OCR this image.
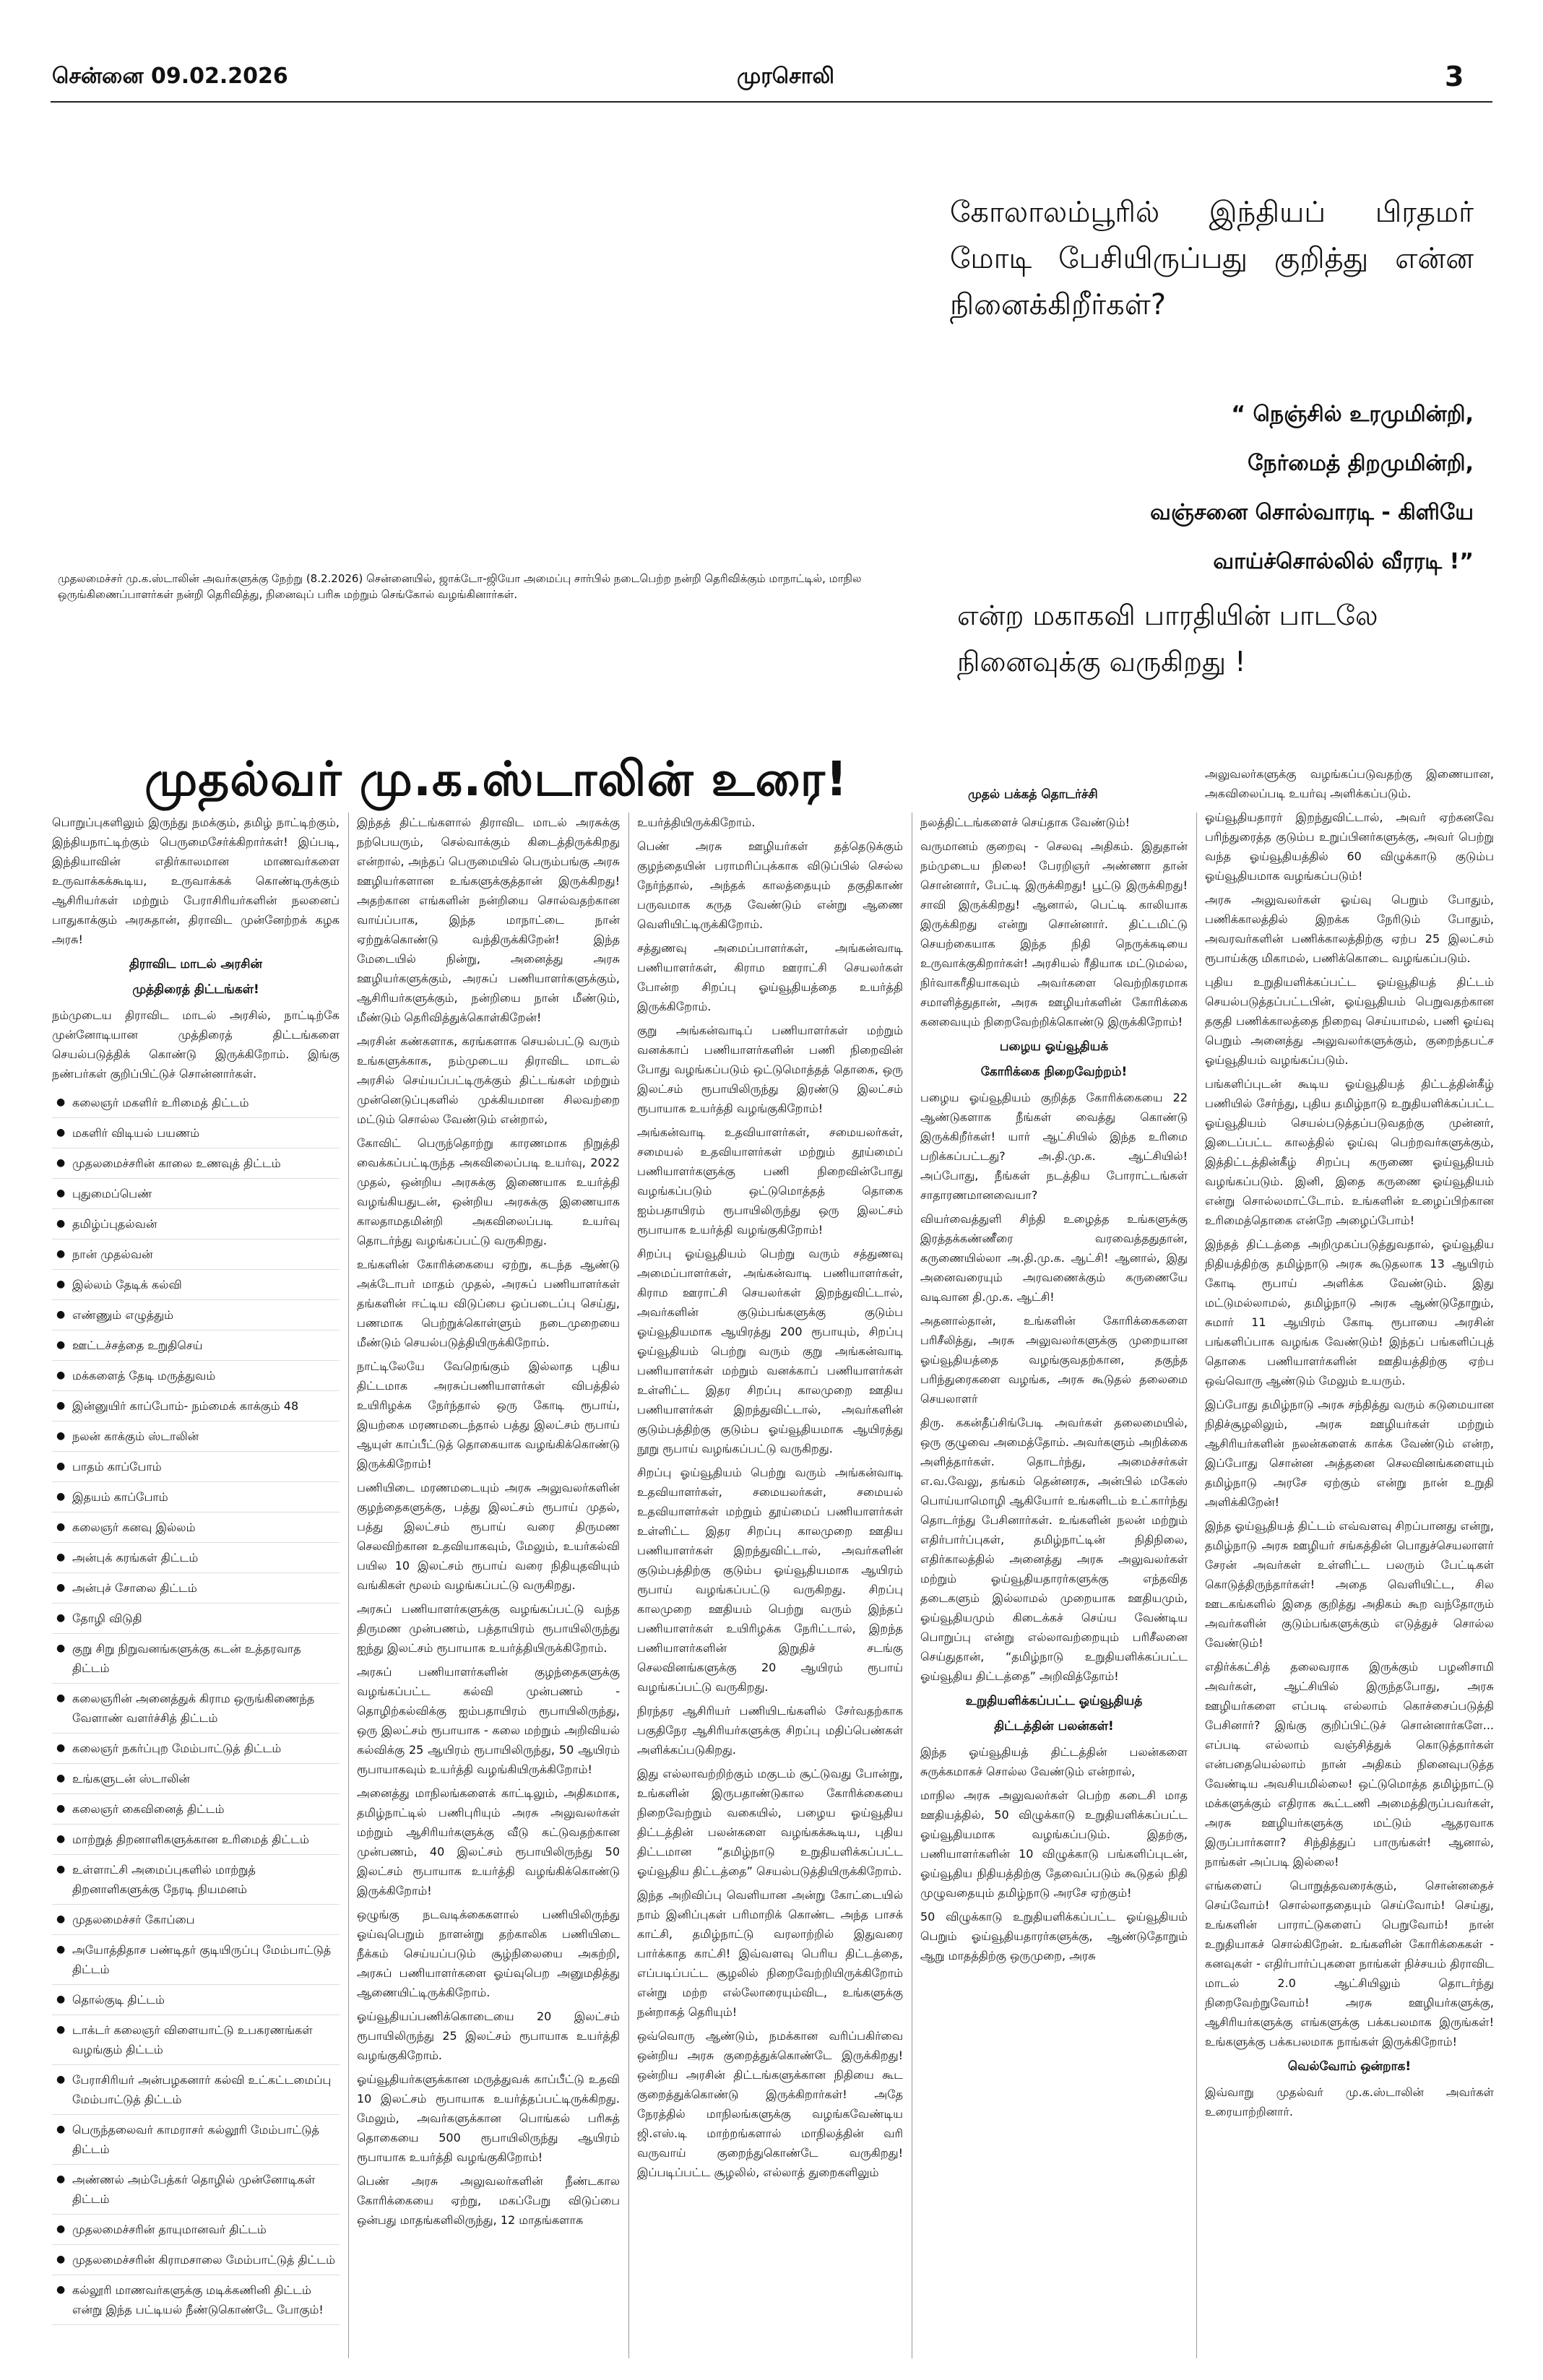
சென்னை 09.02.2026	முரசொலி	3
கோலாலம்பூரில் இந்தியப் பிரதமர் மோடி பேசியிருப்பது குறித்து என்ன நினைக்கிறீர்கள்?
“ நெஞ்சில் உரமுமின்றி,
நேர்மைத் திறமுமின்றி,
வஞ்சனை சொல்வாரடி - கிளியே
வாய்ச்சொல்லில் வீரரடி !”
என்ற மகாகவி பாரதியின் பாடலே நினைவுக்கு வருகிறது !
முதலமைச்சர் மு.க.ஸ்டாலின் அவர்களுக்கு நேற்று (8.2.2026) சென்னையில், ஜாக்டோ-ஜியோ அமைப்பு சார்பில் நடைபெற்ற நன்றி தெரிவிக்கும் மாநாட்டில், மாநில ஒருங்கிணைப்பாளர்கள் நன்றி தெரிவித்து, நினைவுப் பரிசு மற்றும் செங்கோல் வழங்கினார்கள்.
முதல்வர் மு.க.ஸ்டாலின் உரை!	முதல் பக்கத் தொடர்ச்சி

பொறுப்புகளிலும் இருந்து நமக்கும், தமிழ் நாட்டிற்கும், இந்தியநாட்டிற்கும் பெருமைசேர்க்கிறார்கள்! இப்படி, இந்தியாவின் எதிர்காலமான மாணவர்களை உருவாக்கக்கூடிய, உருவாக்கக் கொண்டிருக்கும் ஆசிரியர்கள் மற்றும் பேராசிரியர்களின் நலனைப் பாதுகாக்கும் அரசுதான், திராவிட முன்னேற்றக் கழக அரசு!

திராவிட மாடல் அரசின்
முத்திரைத் திட்டங்கள்!

நம்முடைய திராவிட மாடல் அரசில், நாட்டிற்கே முன்னோடியான முத்திரைத் திட்டங்களை செயல்படுத்திக் கொண்டு இருக்கிறோம். இங்கு நண்பர்கள் குறிப்பிட்டுச் சொன்னார்கள்.

● கலைஞர் மகளிர் உரிமைத் திட்டம்
● மகளிர் விடியல் பயணம்
● முதலமைச்சரின் காலை உணவுத் திட்டம்
● புதுமைப்பெண்
● தமிழ்ப்புதல்வன்
● நான் முதல்வன்
● இல்லம் தேடிக் கல்வி
● எண்ணும் எழுத்தும்
● ஊட்டச்சத்தை உறுதிசெய்
● மக்களைத் தேடி மருத்துவம்
● இன்னுயிர் காப்போம்- நம்மைக் காக்கும் 48
● நலன் காக்கும் ஸ்டாலின்
● பாதம் காப்போம்
● இதயம் காப்போம்
● கலைஞர் கனவு இல்லம்
● அன்புக் கரங்கள் திட்டம்
● அன்புச் சோலை திட்டம்
● தோழி விடுதி
● குறு சிறு நிறுவனங்களுக்கு கடன் உத்தரவாத திட்டம்
● கலைஞரின் அனைத்துக் கிராம ஒருங்கிணைந்த வேளாண் வளர்ச்சித் திட்டம்
● கலைஞர் நகர்ப்புற மேம்பாட்டுத் திட்டம்
● உங்களுடன் ஸ்டாலின்
● கலைஞர் கைவினைத் திட்டம்
● மாற்றுத் திறனாளிகளுக்கான உரிமைத் திட்டம்
● உள்ளாட்சி அமைப்புகளில் மாற்றுத் திறனாளிகளுக்கு நேரடி நியமனம்
● முதலமைச்சர் கோப்பை
● அயோத்திதாச பண்டிதர் குடியிருப்பு மேம்பாட்டுத் திட்டம்
● தொல்குடி திட்டம்
● டாக்டர் கலைஞர் விளையாட்டு உபகரணங்கள் வழங்கும் திட்டம்
● பேராசிரியர் அன்பழகனார் கல்வி உட்கட்டமைப்பு மேம்பாட்டுத் திட்டம்
● பெருந்தலைவர் காமராசர் கல்லூரி மேம்பாட்டுத் திட்டம்
● அண்ணல் அம்பேத்கர் தொழில் முன்னோடிகள் திட்டம்
● முதலமைச்சரின் தாயுமானவர் திட்டம்
● முதலமைச்சரின் கிராமசாலை மேம்பாட்டுத் திட்டம்
● கல்லூரி மாணவர்களுக்கு மடிக்கணினி திட்டம் என்று இந்த பட்டியல் நீண்டுகொண்டே போகும்!

இந்தத் திட்டங்களால் திராவிட மாடல் அரசுக்கு நற்பெயரும், செல்வாக்கும் கிடைத்திருக்கிறது என்றால், அந்தப் பெருமையில் பெரும்பங்கு அரசு ஊழியர்களான உங்களுக்குத்தான் இருக்கிறது! அதற்கான எங்களின் நன்றியை சொல்வதற்கான வாய்ப்பாக, இந்த மாநாட்டை நான் ஏற்றுக்கொண்டு வந்திருக்கிறேன்! இந்த மேடையில் நின்று, அனைத்து அரசு ஊழியர்களுக்கும், அரசுப் பணியாளர்களுக்கும், ஆசிரியர்களுக்கும், நன்றியை நான் மீண்டும், மீண்டும் தெரிவித்துக்கொள்கிறேன்!

அரசின் கண்களாக, கரங்களாக செயல்பட்டு வரும் உங்களுக்காக, நம்முடைய திராவிட மாடல் அரசில் செய்யப்பட்டிருக்கும் திட்டங்கள் மற்றும் முன்னெடுப்புகளில் முக்கியமான சிலவற்றை மட்டும் சொல்ல வேண்டும் என்றால்,

கோவிட் பெருந்தொற்று காரணமாக நிறுத்தி வைக்கப்பட்டிருந்த அகவிலைப்படி உயர்வு, 2022 முதல், ஒன்றிய அரசுக்கு இணையாக உயர்த்தி வழங்கியதுடன், ஒன்றிய அரசுக்கு இணையாக காலதாமதமின்றி அகவிலைப்படி உயர்வு தொடர்ந்து வழங்கப்பட்டு வருகிறது.

உங்களின் கோரிக்கையை ஏற்று, கடந்த ஆண்டு அக்டோபர் மாதம் முதல், அரசுப் பணியாளர்கள் தங்களின் ஈட்டிய விடுப்பை ஒப்படைப்பு செய்து, பணமாக பெற்றுக்கொள்ளும் நடைமுறையை மீண்டும் செயல்படுத்தியிருக்கிறோம்.

நாட்டிலேயே வேறெங்கும் இல்லாத புதிய திட்டமாக அரசுப்பணியாளர்கள் விபத்தில் உயிரிழக்க நேர்ந்தால் ஒரு கோடி ரூபாய், இயற்கை மரணமடைந்தால் பத்து இலட்சம் ரூபாய் ஆயுள் காப்பீட்டுத் தொகையாக வழங்கிக்கொண்டு இருக்கிறோம்!

பணியிடை மரணமடையும் அரசு அலுவலர்களின் குழந்தைகளுக்கு, பத்து இலட்சம் ரூபாய் முதல், பத்து இலட்சம் ரூபாய் வரை திருமண செலவிற்கான உதவியாகவும், மேலும், உயர்கல்வி பயில 10 இலட்சம் ரூபாய் வரை நிதியுதவியும் வங்கிகள் மூலம் வழங்கப்பட்டு வருகிறது.

அரசுப் பணியாளர்களுக்கு வழங்கப்பட்டு வந்த திருமண முன்பணம், பத்தாயிரம் ரூபாயிலிருந்து ஐந்து இலட்சம் ரூபாயாக உயர்த்தியிருக்கிறோம்.

அரசுப் பணியாளர்களின் குழந்தைகளுக்கு வழங்கப்பட்ட கல்வி முன்பணம் - தொழிற்கல்விக்கு ஐம்பதாயிரம் ரூபாயிலிருந்து, ஒரு இலட்சம் ரூபாயாக - கலை மற்றும் அறிவியல் கல்விக்கு 25 ஆயிரம் ரூபாயிலிருந்து, 50 ஆயிரம் ரூபாயாகவும் உயர்த்தி வழங்கியிருக்கிறோம்!

அனைத்து மாநிலங்களைக் காட்டிலும், அதிகமாக, தமிழ்நாட்டில் பணிபுரியும் அரசு அலுவலர்கள் மற்றும் ஆசிரியர்களுக்கு வீடு கட்டுவதற்கான முன்பணம், 40 இலட்சம் ரூபாயிலிருந்து 50 இலட்சம் ரூபாயாக உயர்த்தி வழங்கிக்கொண்டு இருக்கிறோம்!

ஒழுங்கு நடவடிக்கைகளால் பணியிலிருந்து ஓய்வுபெறும் நாளன்று தற்காலிக பணியிடை நீக்கம் செய்யப்படும் சூழ்நிலையை அகற்றி, அரசுப் பணியாளர்களை ஓய்வுபெற அனுமதித்து ஆணையிட்டிருக்கிறோம்.

ஓய்வூதியப்பணிக்கொடையை 20 இலட்சம் ரூபாயிலிருந்து 25 இலட்சம் ரூபாயாக உயர்த்தி வழங்குகிறோம்.

ஓய்வூதியர்களுக்கான மருத்துவக் காப்பீட்டு உதவி 10 இலட்சம் ரூபாயாக உயர்த்தப்பட்டிருக்கிறது. மேலும், அவர்களுக்கான பொங்கல் பரிசுத் தொகையை 500 ரூபாயிலிருந்து ஆயிரம் ரூபாயாக உயர்த்தி வழங்குகிறோம்!

பெண் அரசு அலுவலர்களின் நீண்டகால கோரிக்கையை ஏற்று, மகப்பேறு விடுப்பை ஒன்பது மாதங்களிலிருந்து, 12 மாதங்களாக

உயர்த்தியிருக்கிறோம்.

பெண் அரசு ஊழியர்கள் தத்தெடுக்கும் குழந்தையின் பராமரிப்புக்காக விடுப்பில் செல்ல நேர்ந்தால், அந்தக் காலத்தையும் தகுதிகாண் பருவமாக கருத வேண்டும் என்று ஆணை வெளியிட்டிருக்கிறோம்.

சத்துணவு அமைப்பாளர்கள், அங்கன்வாடி பணியாளர்கள், கிராம ஊராட்சி செயலர்கள் போன்ற சிறப்பு ஓய்வூதியத்தை உயர்த்தி இருக்கிறோம்.

குறு அங்கன்வாடிப் பணியாளர்கள் மற்றும் வனக்காப் பணியாளர்களின் பணி நிறைவின் போது வழங்கப்படும் ஒட்டுமொத்தத் தொகை, ஒரு இலட்சம் ரூபாயிலிருந்து இரண்டு இலட்சம் ரூபாயாக உயர்த்தி வழங்குகிறோம்!

அங்கன்வாடி உதவியாளர்கள், சமையலர்கள், சமையல் உதவியாளர்கள் மற்றும் தூய்மைப் பணியாளர்களுக்கு பணி நிறைவின்போது வழங்கப்படும் ஒட்டுமொத்தத் தொகை ஐம்பதாயிரம் ரூபாயிலிருந்து ஒரு இலட்சம் ரூபாயாக உயர்த்தி வழங்குகிறோம்!

சிறப்பு ஓய்வூதியம் பெற்று வரும் சத்துணவு அமைப்பாளர்கள், அங்கன்வாடி பணியாளர்கள், கிராம ஊராட்சி செயலர்கள் இறந்துவிட்டால், அவர்களின் குடும்பங்களுக்கு குடும்ப ஓய்வூதியமாக ஆயிரத்து 200 ரூபாயும், சிறப்பு ஓய்வூதியம் பெற்று வரும் குறு அங்கன்வாடி பணியாளர்கள் மற்றும் வனக்காப் பணியாளர்கள் உள்ளிட்ட இதர சிறப்பு காலமுறை ஊதிய பணியாளர்கள் இறந்துவிட்டால், அவர்களின் குடும்பத்திற்கு குடும்ப ஓய்வூதியமாக ஆயிரத்து நூறு ரூபாய் வழங்கப்பட்டு வருகிறது.

சிறப்பு ஓய்வூதியம் பெற்று வரும் அங்கன்வாடி உதவியாளர்கள், சமையலர்கள், சமையல் உதவியாளர்கள் மற்றும் தூய்மைப் பணியாளர்கள் உள்ளிட்ட இதர சிறப்பு காலமுறை ஊதிய பணியாளர்கள் இறந்துவிட்டால், அவர்களின் குடும்பத்திற்கு குடும்ப ஓய்வூதியமாக ஆயிரம் ரூபாய் வழங்கப்பட்டு வருகிறது. சிறப்பு காலமுறை ஊதியம் பெற்று வரும் இந்தப் பணியாளர்கள் உயிரிழக்க நேரிட்டால், இறந்த பணியாளர்களின் இறுதிச் சடங்கு செலவினங்களுக்கு 20 ஆயிரம் ரூபாய் வழங்கப்பட்டு வருகிறது.

நிரந்தர ஆசிரியர் பணியிடங்களில் சேர்வதற்காக பகுதிநேர ஆசிரியர்களுக்கு சிறப்பு மதிப்பெண்கள் அளிக்கப்படுகிறது.

இது எல்லாவற்றிற்கும் மகுடம் சூட்டுவது போன்று, உங்களின் இருபதாண்டுகால கோரிக்கையை நிறைவேற்றும் வகையில், பழைய ஓய்வூதிய திட்டத்தின் பலன்களை வழங்கக்கூடிய, புதிய திட்டமான “தமிழ்நாடு உறுதியளிக்கப்பட்ட ஓய்வூதிய திட்டத்தை” செயல்படுத்தியிருக்கிறோம்.

இந்த அறிவிப்பு வெளியான அன்று கோட்டையில் நாம் இனிப்புகள் பரிமாறிக் கொண்ட அந்த பாசக் காட்சி, தமிழ்நாட்டு வரலாற்றில் இதுவரை பார்க்காத காட்சி! இவ்வளவு பெரிய திட்டத்தை, எப்படிப்பட்ட சூழலில் நிறைவேற்றியிருக்கிறோம் என்று மற்ற எல்லோரையும்விட, உங்களுக்கு நன்றாகத் தெரியும்!

ஒவ்வொரு ஆண்டும், நமக்கான வரிப்பகிர்வை ஒன்றிய அரசு குறைத்துக்கொண்டே இருக்கிறது! ஒன்றிய அரசின் திட்டங்களுக்கான நிதியை கூட குறைத்துக்கொண்டு இருக்கிறார்கள்! அதே நேரத்தில் மாநிலங்களுக்கு வழங்கவேண்டிய ஜி.எஸ்.டி மாற்றங்களால் மாநிலத்தின் வரி வருவாய் குறைந்துகொண்டே வருகிறது! இப்படிப்பட்ட சூழலில், எல்லாத் துறைகளிலும்

நலத்திட்டங்களைச் செய்தாக வேண்டும்!

வருமானம் குறைவு - செலவு அதிகம். இதுதான் நம்முடைய நிலை! பேரறிஞர் அண்ணா தான் சொன்னார், பேட்டி இருக்கிறது! பூட்டு இருக்கிறது! சாவி இருக்கிறது! ஆனால், பெட்டி காலியாக இருக்கிறது என்று சொன்னார். திட்டமிட்டு செயற்கையாக இந்த நிதி நெருக்கடியை உருவாக்குகிறார்கள்! அரசியல் ரீதியாக மட்டுமல்ல, நிர்வாகரீதியாகவும் அவர்களை வெற்றிகரமாக சமாளித்துதான், அரசு ஊழியர்களின் கோரிக்கை கனவையும் நிறைவேற்றிக்கொண்டு இருக்கிறோம்!

பழைய ஓய்வூதியக்
கோரிக்கை நிறைவேற்றம்!

பழைய ஓய்வூதியம் குறித்த கோரிக்கையை 22 ஆண்டுகளாக நீங்கள் வைத்து கொண்டு இருக்கிறீர்கள்! யார் ஆட்சியில் இந்த உரிமை பறிக்கப்பட்டது? அ.தி.மு.க. ஆட்சியில்! அப்போது, நீங்கள் நடத்திய போராட்டங்கள் சாதாரணமானவையா?

வியர்வைத்துளி சிந்தி உழைத்த உங்களுக்கு இரத்தக்கண்ணீரை வரவைத்ததுதான், கருணையில்லா அ.தி.மு.க. ஆட்சி! ஆனால், இது அனைவரையும் அரவணைக்கும் கருணையே வடிவான தி.மு.க. ஆட்சி!

அதனால்தான், உங்களின் கோரிக்கைகளை பரிசீலித்து, அரசு அலுவலர்களுக்கு முறையான ஓய்வூதியத்தை வழங்குவதற்கான, தகுந்த பரிந்துரைகளை வழங்க, அரசு கூடுதல் தலைமை செயலாளர்

திரு. ககன்தீப்சிங்பேடி அவர்கள் தலைமையில், ஒரு குழுவை அமைத்தோம். அவர்களும் அறிக்கை அளித்தார்கள். தொடர்ந்து, அமைச்சர்கள் எ.வ.வேலு, தங்கம் தென்னரசு, அன்பில் மகேஸ் பொய்யாமொழி ஆகியோர் உங்களிடம் உட்கார்ந்து தொடர்ந்து பேசினார்கள். உங்களின் நலன் மற்றும் எதிர்பார்ப்புகள், தமிழ்நாட்டின் நிதிநிலை, எதிர்காலத்தில் அனைத்து அரசு அலுவலர்கள் மற்றும் ஓய்வூதியதாரர்களுக்கு எந்தவித தடைகளும் இல்லாமல் முறையாக ஊதியமும், ஓய்வூதியமும் கிடைக்கச் செய்ய வேண்டிய பொறுப்பு என்று எல்லாவற்றையும் பரிசீலனை செய்துதான், “தமிழ்நாடு உறுதியளிக்கப்பட்ட ஓய்வூதிய திட்டத்தை” அறிவித்தோம்!

உறுதியளிக்கப்பட்ட ஓய்வூதியத்
திட்டத்தின் பலன்கள்!

இந்த ஓய்வூதியத் திட்டத்தின் பலன்களை சுருக்கமாகச் சொல்ல வேண்டும் என்றால்,

மாநில அரசு அலுவலர்கள் பெற்ற கடைசி மாத ஊதியத்தில், 50 விழுக்காடு உறுதியளிக்கப்பட்ட ஓய்வூதியமாக வழங்கப்படும். இதற்கு, பணியாளர்களின் 10 விழுக்காடு பங்களிப்புடன், ஓய்வூதிய நிதியத்திற்கு தேவைப்படும் கூடுதல் நிதி முழுவதையும் தமிழ்நாடு அரசே ஏற்கும்!

50 விழுக்காடு உறுதியளிக்கப்பட்ட ஓய்வூதியம் பெறும் ஓய்வூதியதாரர்களுக்கு, ஆண்டுதோறும் ஆறு மாதத்திற்கு ஒருமுறை, அரசு

அலுவலர்களுக்கு வழங்கப்படுவதற்கு இணையான, அகவிலைப்படி உயர்வு அளிக்கப்படும்.

ஓய்வூதியதாரர் இறந்துவிட்டால், அவர் ஏற்கனவே பரிந்துரைத்த குடும்ப உறுப்பினர்களுக்கு, அவர் பெற்று வந்த ஓய்வூதியத்தில் 60 விழுக்காடு குடும்ப ஓய்வூதியமாக வழங்கப்படும்!

அரசு அலுவலர்கள் ஓய்வு பெறும் போதும், பணிக்காலத்தில் இறக்க நேரிடும் போதும், அவரவர்களின் பணிக்காலத்திற்கு ஏற்ப 25 இலட்சம் ரூபாய்க்கு மிகாமல், பணிக்கொடை வழங்கப்படும்.

புதிய உறுதியளிக்கப்பட்ட ஓய்வூதியத் திட்டம் செயல்படுத்தப்பட்டபின், ஓய்வூதியம் பெறுவதற்கான தகுதி பணிக்காலத்தை நிறைவு செய்யாமல், பணி ஓய்வு பெறும் அனைத்து அலுவலர்களுக்கும், குறைந்தபட்ச ஓய்வூதியம் வழங்கப்படும்.

பங்களிப்புடன் கூடிய ஓய்வூதியத் திட்டத்தின்கீழ் பணியில் சேர்ந்து, புதிய தமிழ்நாடு உறுதியளிக்கப்பட்ட ஓய்வூதியம் செயல்படுத்தப்படுவதற்கு முன்னர், இடைப்பட்ட காலத்தில் ஓய்வு பெற்றவர்களுக்கும், இத்திட்டத்தின்கீழ் சிறப்பு கருணை ஓய்வூதியம் வழங்கப்படும். இனி, இதை கருணை ஓய்வூதியம் என்று சொல்லமாட்டோம். உங்களின் உழைப்பிற்கான உரிமைத்தொகை என்றே அழைப்போம்!

இந்தத் திட்டத்தை அறிமுகப்படுத்துவதால், ஓய்வூதிய நிதியத்திற்கு தமிழ்நாடு அரசு கூடுதலாக 13 ஆயிரம் கோடி ரூபாய் அளிக்க வேண்டும். இது மட்டுமல்லாமல், தமிழ்நாடு அரசு ஆண்டுதோறும், சுமார் 11 ஆயிரம் கோடி ரூபாயை அரசின் பங்களிப்பாக வழங்க வேண்டும்! இந்தப் பங்களிப்புத் தொகை பணியாளர்களின் ஊதியத்திற்கு ஏற்ப ஒவ்வொரு ஆண்டும் மேலும் உயரும்.

இப்போது தமிழ்நாடு அரசு சந்தித்து வரும் கடுமையான நிதிச்சூழலிலும், அரசு ஊழியர்கள் மற்றும் ஆசிரியர்களின் நலன்களைக் காக்க வேண்டும் என்ற, இப்போது சொன்ன அத்தனை செலவினங்களையும் தமிழ்நாடு அரசே ஏற்கும் என்று நான் உறுதி அளிக்கிறேன்!

இந்த ஓய்வூதியத் திட்டம் எவ்வளவு சிறப்பானது என்று, தமிழ்நாடு அரசு ஊழியர் சங்கத்தின் பொதுச்செயலாளர் சேரன் அவர்கள் உள்ளிட்ட பலரும் பேட்டிகள் கொடுத்திருந்தார்கள்! அதை வெளியிட்ட, சில ஊடகங்களில் இதை குறித்து அதிகம் கூற வந்தோரும் அவர்களின் குடும்பங்களுக்கும் எடுத்துச் சொல்ல வேண்டும்!

எதிர்க்கட்சித் தலைவராக இருக்கும் பழனிசாமி அவர்கள், ஆட்சியில் இருந்தபோது, அரசு ஊழியர்களை எப்படி எல்லாம் கொச்சைப்படுத்தி பேசினார்? இங்கு குறிப்பிட்டுச் சொன்னார்களே... எப்படி எல்லாம் வஞ்சித்துக் கொடுத்தார்கள் என்பதையெல்லாம் நான் அதிகம் நினைவுபடுத்த வேண்டிய அவசியமில்லை! ஒட்டுமொத்த தமிழ்நாட்டு மக்களுக்கும் எதிராக கூட்டணி அமைத்திருப்பவர்கள், அரசு ஊழியர்களுக்கு மட்டும் ஆதரவாக இருப்பார்களா? சிந்தித்துப் பாருங்கள்! ஆனால், நாங்கள் அப்படி இல்லை!

எங்களைப் பொறுத்தவரைக்கும், சொன்னதைச் செய்வோம்! சொல்லாததையும் செய்வோம்! செய்து, உங்களின் பாராட்டுகளைப் பெறுவோம்! நான் உறுதியாகச் சொல்கிறேன். உங்களின் கோரிக்கைகள் - கனவுகள் - எதிர்பார்ப்புகளை நாங்கள் நிச்சயம் திராவிட மாடல் 2.0 ஆட்சியிலும் தொடர்ந்து நிறைவேற்றுவோம்! அரசு ஊழியர்களுக்கு, ஆசிரியர்களுக்கு எங்களுக்கு பக்கபலமாக இருங்கள்! உங்களுக்கு பக்கபலமாக நாங்கள் இருக்கிறோம்!

வெல்வோம் ஒன்றாக!

இவ்வாறு முதல்வர் மு.க.ஸ்டாலின் அவர்கள் உரையாற்றினார்.
